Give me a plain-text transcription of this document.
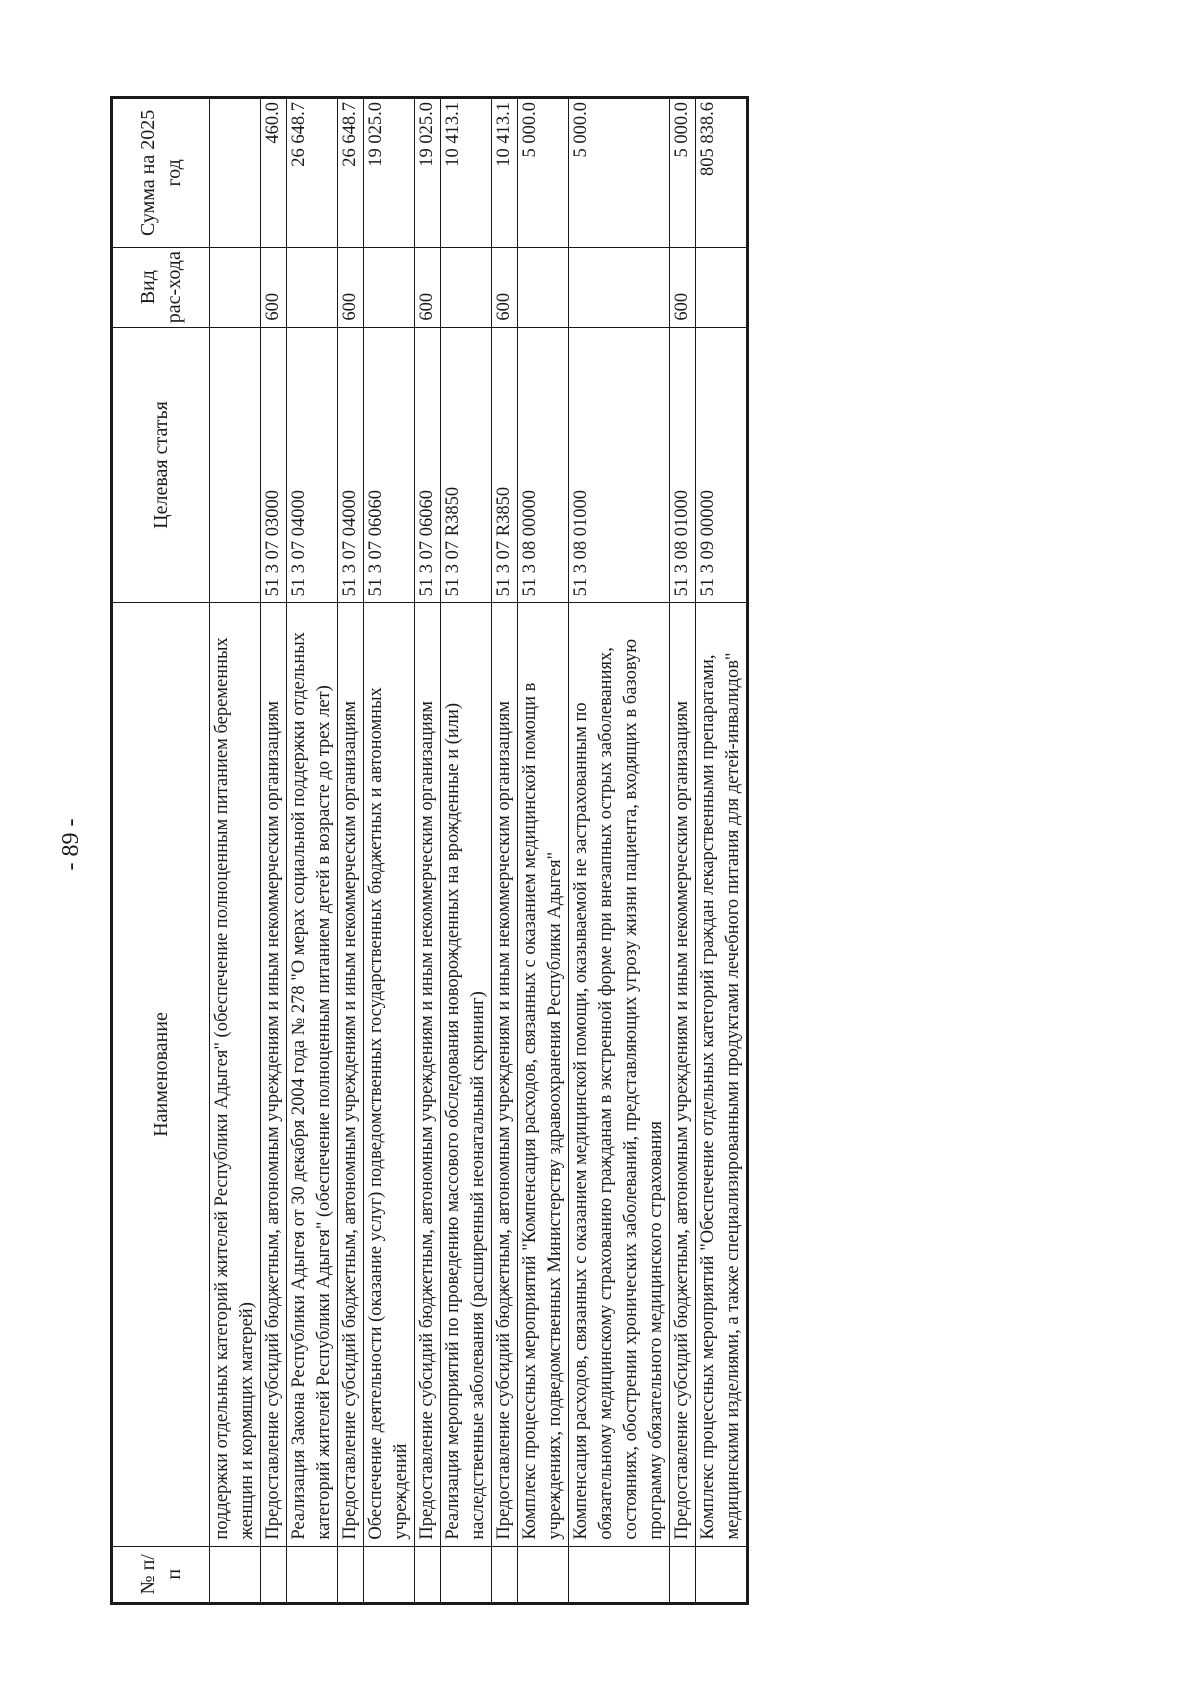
- 89 -
№ п/п	Наименование	Целевая статья	Вид рас-хода	Сумма на 2025 год
	поддержки отдельных категорий жителей Республики Адыгея" (обеспечение полноценным питанием беременных женщин и кормящих матерей)			
	Предоставление субсидий бюджетным, автономным учреждениям и иным некоммерческим организациям	51 3 07 03000	600	460.0
	Реализация Закона Республики Адыгея от 30 декабря 2004 года № 278 "О мерах социальной поддержки отдельных категорий жителей Республики Адыгея" (обеспечение полноценным питанием детей в возрасте до трех лет)	51 3 07 04000		26 648.7
	Предоставление субсидий бюджетным, автономным учреждениям и иным некоммерческим организациям	51 3 07 04000	600	26 648.7
	Обеспечение деятельности (оказание услуг) подведомственных государственных бюджетных и автономных учреждений	51 3 07 06060		19 025.0
	Предоставление субсидий бюджетным, автономным учреждениям и иным некоммерческим организациям	51 3 07 06060	600	19 025.0
	Реализация мероприятий по проведению массового обследования новорожденных на врожденные и (или) наследственные заболевания (расширенный неонатальный скрининг)	51 3 07 R3850		10 413.1
	Предоставление субсидий бюджетным, автономным учреждениям и иным некоммерческим организациям	51 3 07 R3850	600	10 413.1
	Комплекс процессных мероприятий "Компенсация расходов, связанных с оказанием медицинской помощи в учреждениях, подведомственных Министерству здравоохранения Республики Адыгея"	51 3 08 00000		5 000.0
	Компенсация расходов, связанных с оказанием медицинской помощи, оказываемой не застрахованным по обязательному медицинскому страхованию гражданам в экстренной форме при внезапных острых заболеваниях, состояниях, обострении хронических заболеваний, представляющих угрозу жизни пациента, входящих в базовую программу обязательного медицинского страхования	51 3 08 01000		5 000.0
	Предоставление субсидий бюджетным, автономным учреждениям и иным некоммерческим организациям	51 3 08 01000	600	5 000.0
	Комплекс процессных мероприятий "Обеспечение отдельных категорий граждан лекарственными препаратами, медицинскими изделиями, а также специализированными продуктами лечебного питания для детей-инвалидов"	51 3 09 00000		805 838.6
